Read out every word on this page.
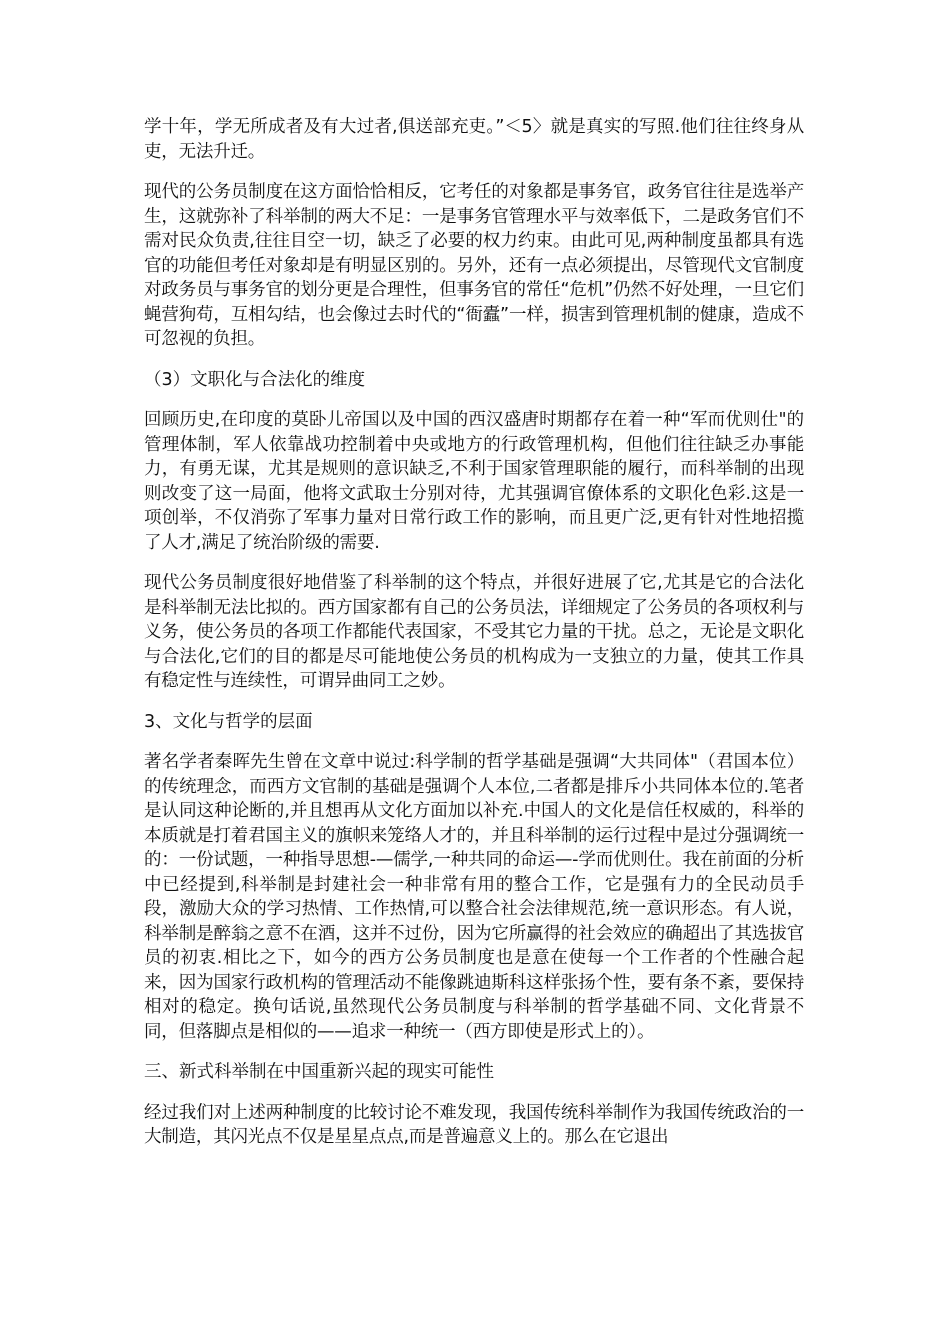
学十年，学无所成者及有大过者,俱送部充吏。”＜5〉就是真实的写照.他们往往终身从吏，无法升迁。

现代的公务员制度在这方面恰恰相反，它考任的对象都是事务官，政务官往往是选举产生，这就弥补了科举制的两大不足：一是事务官管理水平与效率低下，二是政务官们不需对民众负责,往往目空一切，缺乏了必要的权力约束。由此可见,两种制度虽都具有选官的功能但考任对象却是有明显区别的。另外，还有一点必须提出，尽管现代文官制度对政务员与事务官的划分更是合理性，但事务官的常任“危机”仍然不好处理，一旦它们蝇营狗苟，互相勾结，也会像过去时代的“衙蠹”一样，损害到管理机制的健康，造成不可忽视的负担。

（3）文职化与合法化的维度

回顾历史,在印度的莫卧儿帝国以及中国的西汉盛唐时期都存在着一种“军而优则仕"的管理体制，军人依靠战功控制着中央或地方的行政管理机构，但他们往往缺乏办事能力，有勇无谋，尤其是规则的意识缺乏,不利于国家管理职能的履行，而科举制的出现则改变了这一局面，他将文武取士分别对待，尤其强调官僚体系的文职化色彩.这是一项创举，不仅消弥了军事力量对日常行政工作的影响，而且更广泛,更有针对性地招揽了人才,满足了统治阶级的需要.

现代公务员制度很好地借鉴了科举制的这个特点，并很好进展了它,尤其是它的合法化是科举制无法比拟的。西方国家都有自己的公务员法，详细规定了公务员的各项权利与义务，使公务员的各项工作都能代表国家，不受其它力量的干扰。总之，无论是文职化与合法化,它们的目的都是尽可能地使公务员的机构成为一支独立的力量，使其工作具有稳定性与连续性，可谓异曲同工之妙。

3、文化与哲学的层面

著名学者秦晖先生曾在文章中说过:科学制的哲学基础是强调“大共同体"（君国本位）的传统理念，而西方文官制的基础是强调个人本位,二者都是排斥小共同体本位的.笔者是认同这种论断的,并且想再从文化方面加以补充.中国人的文化是信任权威的，科举的本质就是打着君国主义的旗帜来笼络人才的，并且科举制的运行过程中是过分强调统一的：一份试题，一种指导思想-—儒学,一种共同的命运—-学而优则仕。我在前面的分析中已经提到,科举制是封建社会一种非常有用的整合工作，它是强有力的全民动员手段，激励大众的学习热情、工作热情,可以整合社会法律规范,统一意识形态。有人说，科举制是醉翁之意不在酒，这并不过份，因为它所赢得的社会效应的确超出了其选拔官员的初衷.相比之下，如今的西方公务员制度也是意在使每一个工作者的个性融合起来，因为国家行政机构的管理活动不能像跳迪斯科这样张扬个性，要有条不紊，要保持相对的稳定。换句话说,虽然现代公务员制度与科举制的哲学基础不同、文化背景不同，但落脚点是相似的——追求一种统一（西方即使是形式上的）。

三、新式科举制在中国重新兴起的现实可能性

经过我们对上述两种制度的比较讨论不难发现，我国传统科举制作为我国传统政治的一大制造，其闪光点不仅是星星点点,而是普遍意义上的。那么在它退出
